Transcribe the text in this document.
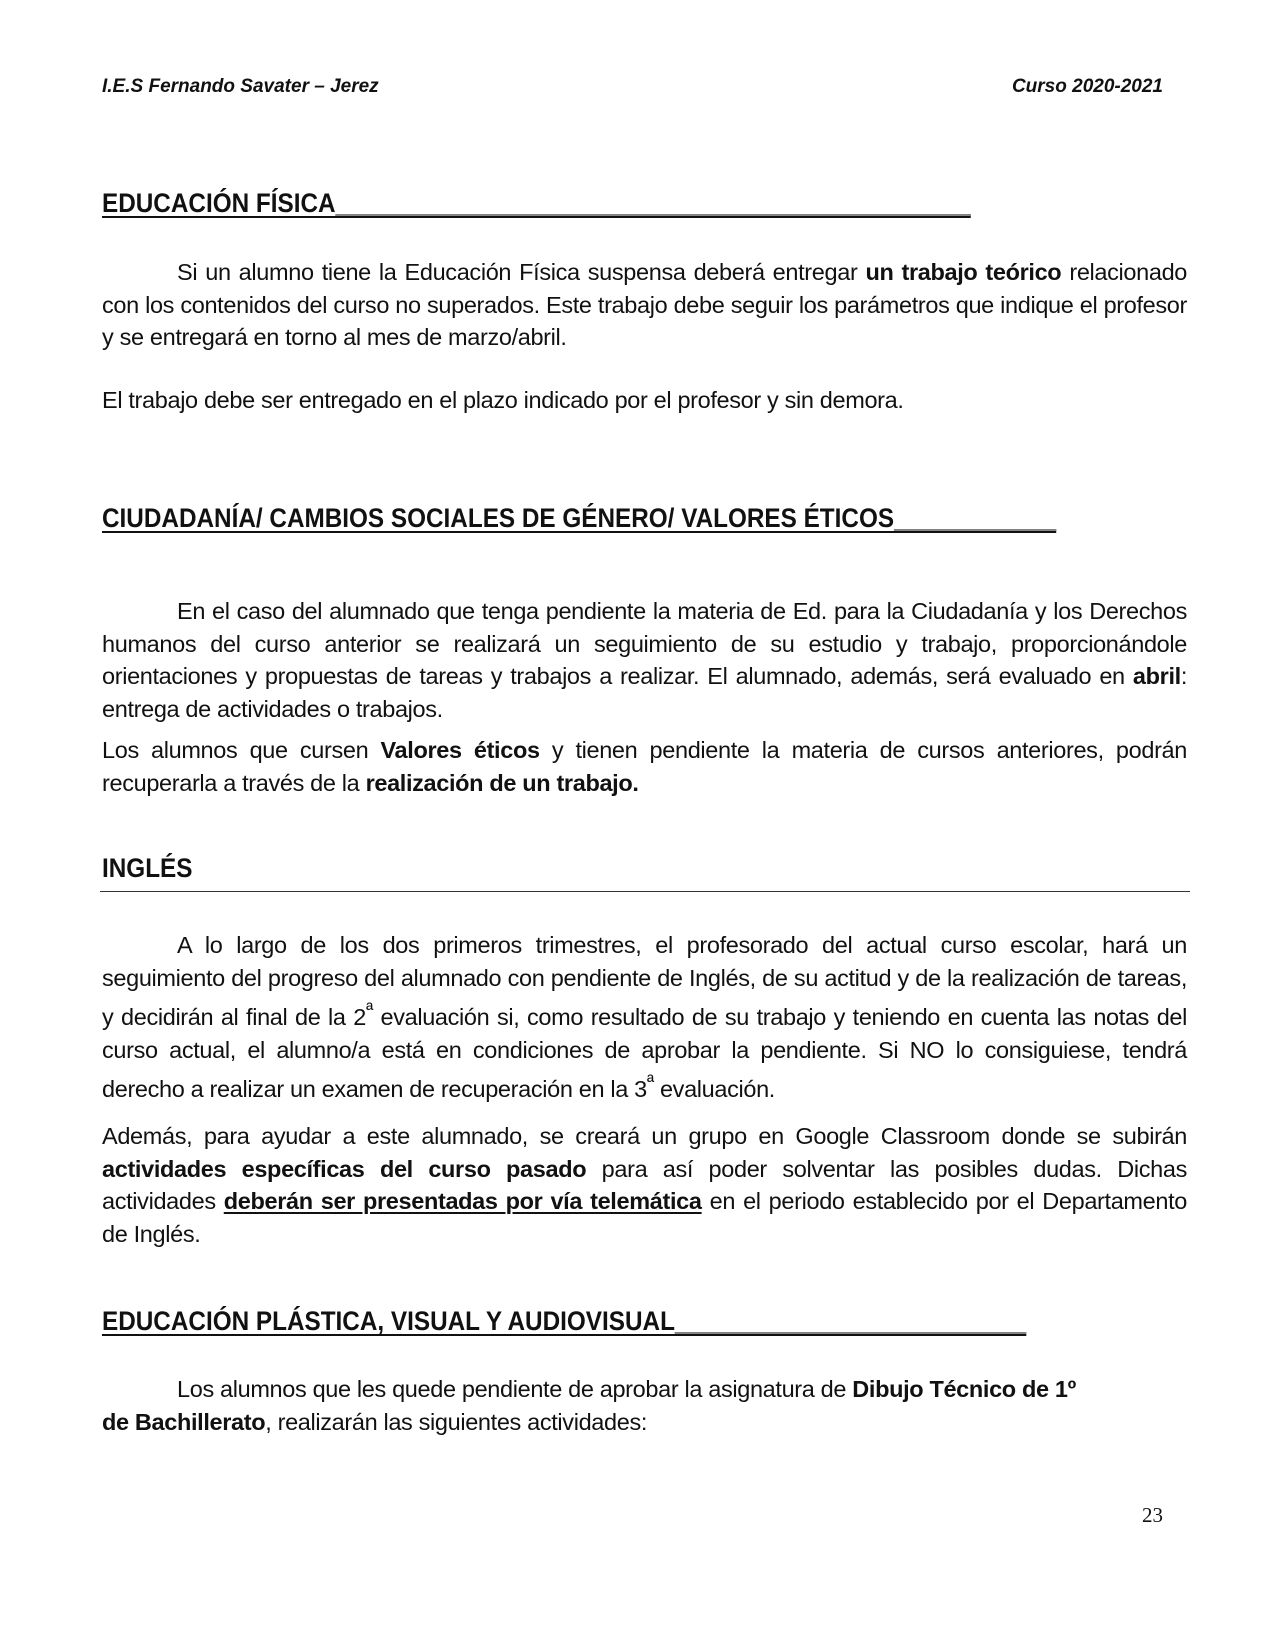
I.E.S Fernando Savater – Jerez	Curso 2020-2021
EDUCACIÓN FÍSICA_______________________________________________
Si un alumno tiene la Educación Física suspensa deberá entregar un trabajo teórico relacionado con los contenidos del curso no superados. Este trabajo debe seguir los parámetros que indique el profesor y se entregará en torno al mes de marzo/abril.
El trabajo debe ser entregado en el plazo indicado por el profesor y sin demora.
CIUDADANÍA/ CAMBIOS SOCIALES DE GÉNERO/ VALORES ÉTICOS____________
En el caso del alumnado que tenga pendiente la materia de Ed. para la Ciudadanía y los Derechos humanos del curso anterior se realizará un seguimiento de su estudio y trabajo, proporcionándole orientaciones y propuestas de tareas y trabajos a realizar. El alumnado, además, será evaluado en abril: entrega de actividades o trabajos.
Los alumnos que cursen Valores éticos y tienen pendiente la materia de cursos anteriores, podrán recuperarla a través de la realización de un trabajo.
INGLÉS
A lo largo de los dos primeros trimestres, el profesorado del actual curso escolar, hará un seguimiento del progreso del alumnado con pendiente de Inglés, de su actitud y de la realización de tareas, y decidirán al final de la $2^ª$ evaluación si, como resultado de su trabajo y teniendo en cuenta las notas del curso actual, el alumno/a está en condiciones de aprobar la pendiente. Si NO lo consiguiese, tendrá derecho a realizar un examen de recuperación en la $3^ª$ evaluación.
Además, para ayudar a este alumnado, se creará un grupo en Google Classroom donde se subirán actividades específicas del curso pasado para así poder solventar las posibles dudas. Dichas actividades deberán ser presentadas por vía telemática en el periodo establecido por el Departamento de Inglés.
EDUCACIÓN PLÁSTICA, VISUAL Y AUDIOVISUAL__________________________
Los alumnos que les quede pendiente de aprobar la asignatura de Dibujo Técnico de 1º
de Bachillerato, realizarán las siguientes actividades:
23
